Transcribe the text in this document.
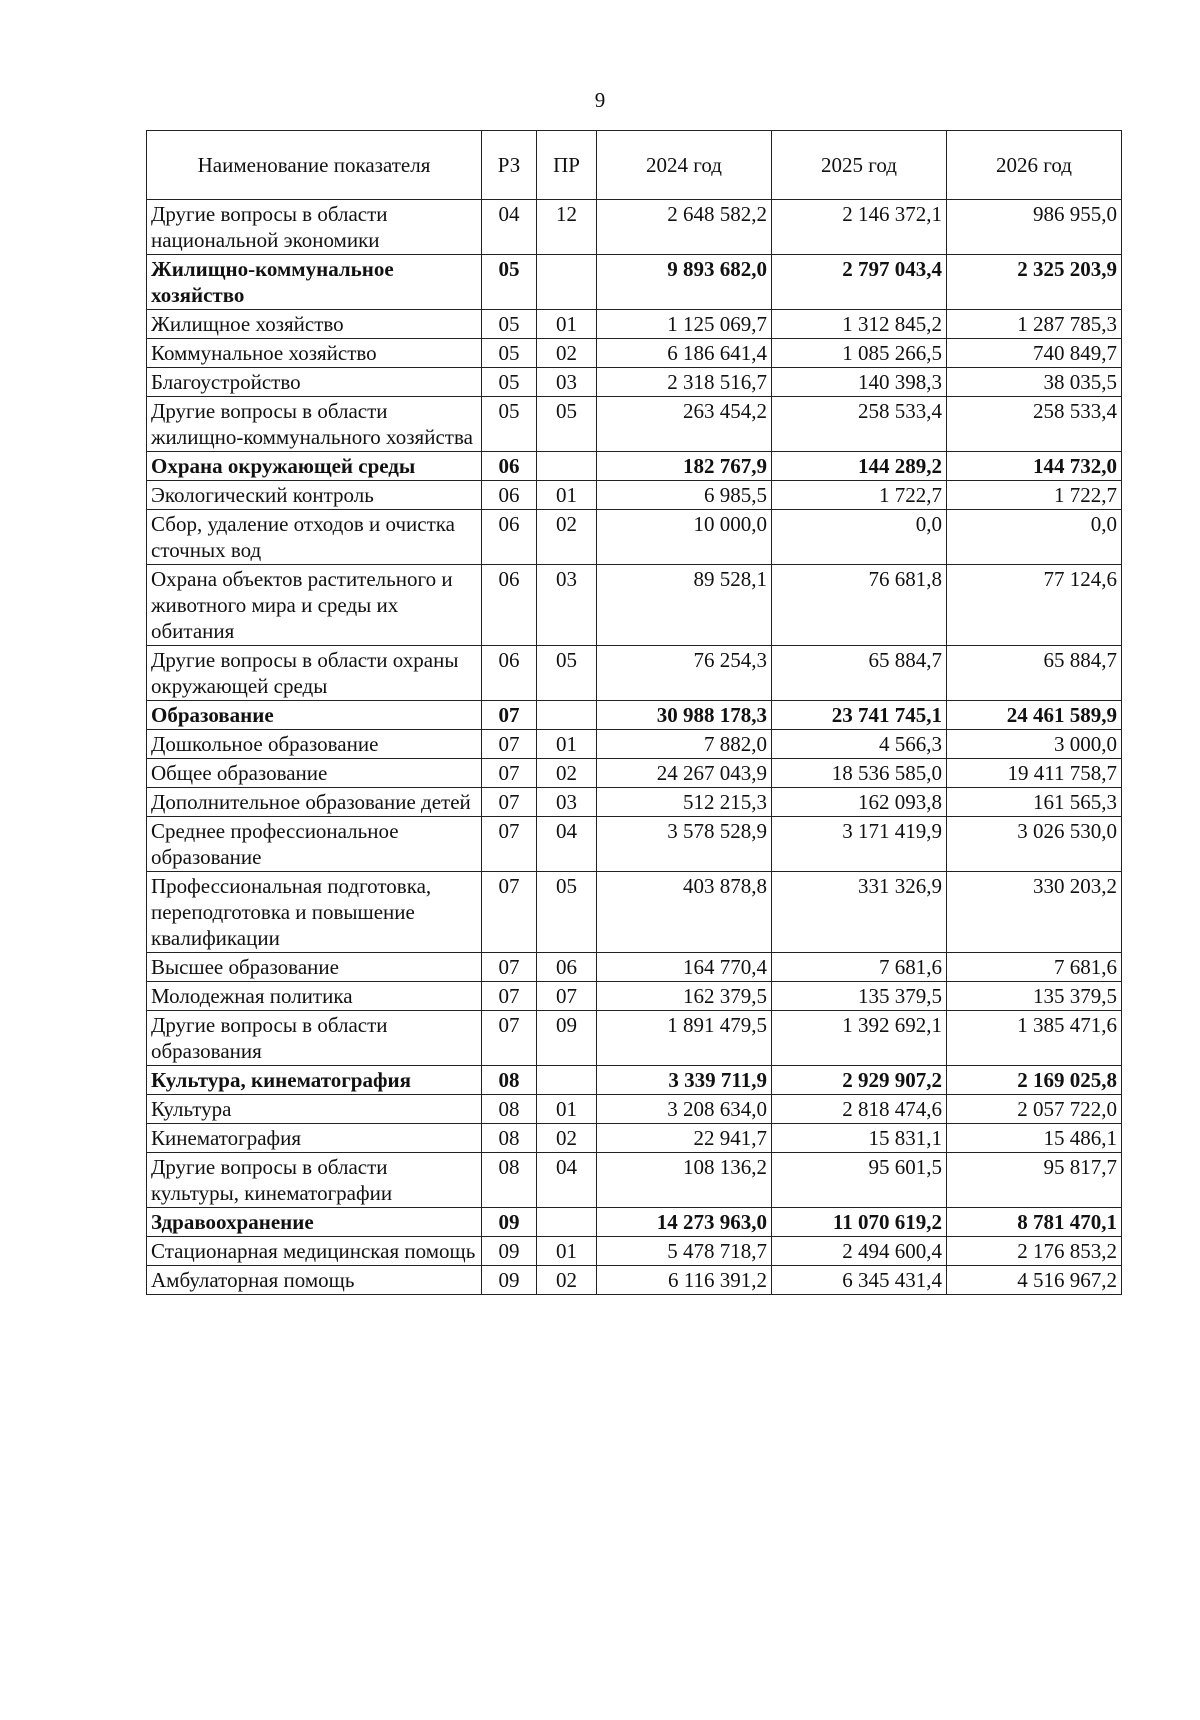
9
Наименование показателя	РЗ	ПР	2024 год	2025 год	2026 год
Другие вопросы в области национальной экономики	04	12	2 648 582,2	2 146 372,1	986 955,0
Жилищно-коммунальное хозяйство	05		9 893 682,0	2 797 043,4	2 325 203,9
Жилищное хозяйство	05	01	1 125 069,7	1 312 845,2	1 287 785,3
Коммунальное хозяйство	05	02	6 186 641,4	1 085 266,5	740 849,7
Благоустройство	05	03	2 318 516,7	140 398,3	38 035,5
Другие вопросы в области жилищно-коммунального хозяйства	05	05	263 454,2	258 533,4	258 533,4
Охрана окружающей среды	06		182 767,9	144 289,2	144 732,0
Экологический контроль	06	01	6 985,5	1 722,7	1 722,7
Сбор, удаление отходов и очистка сточных вод	06	02	10 000,0	0,0	0,0
Охрана объектов растительного и животного мира и среды их обитания	06	03	89 528,1	76 681,8	77 124,6
Другие вопросы в области охраны окружающей среды	06	05	76 254,3	65 884,7	65 884,7
Образование	07		30 988 178,3	23 741 745,1	24 461 589,9
Дошкольное образование	07	01	7 882,0	4 566,3	3 000,0
Общее образование	07	02	24 267 043,9	18 536 585,0	19 411 758,7
Дополнительное образование детей	07	03	512 215,3	162 093,8	161 565,3
Среднее профессиональное образование	07	04	3 578 528,9	3 171 419,9	3 026 530,0
Профессиональная подготовка, переподготовка и повышение квалификации	07	05	403 878,8	331 326,9	330 203,2
Высшее образование	07	06	164 770,4	7 681,6	7 681,6
Молодежная политика	07	07	162 379,5	135 379,5	135 379,5
Другие вопросы в области образования	07	09	1 891 479,5	1 392 692,1	1 385 471,6
Культура, кинематография	08		3 339 711,9	2 929 907,2	2 169 025,8
Культура	08	01	3 208 634,0	2 818 474,6	2 057 722,0
Кинематография	08	02	22 941,7	15 831,1	15 486,1
Другие вопросы в области культуры, кинематографии	08	04	108 136,2	95 601,5	95 817,7
Здравоохранение	09		14 273 963,0	11 070 619,2	8 781 470,1
Стационарная медицинская помощь	09	01	5 478 718,7	2 494 600,4	2 176 853,2
Амбулаторная помощь	09	02	6 116 391,2	6 345 431,4	4 516 967,2
